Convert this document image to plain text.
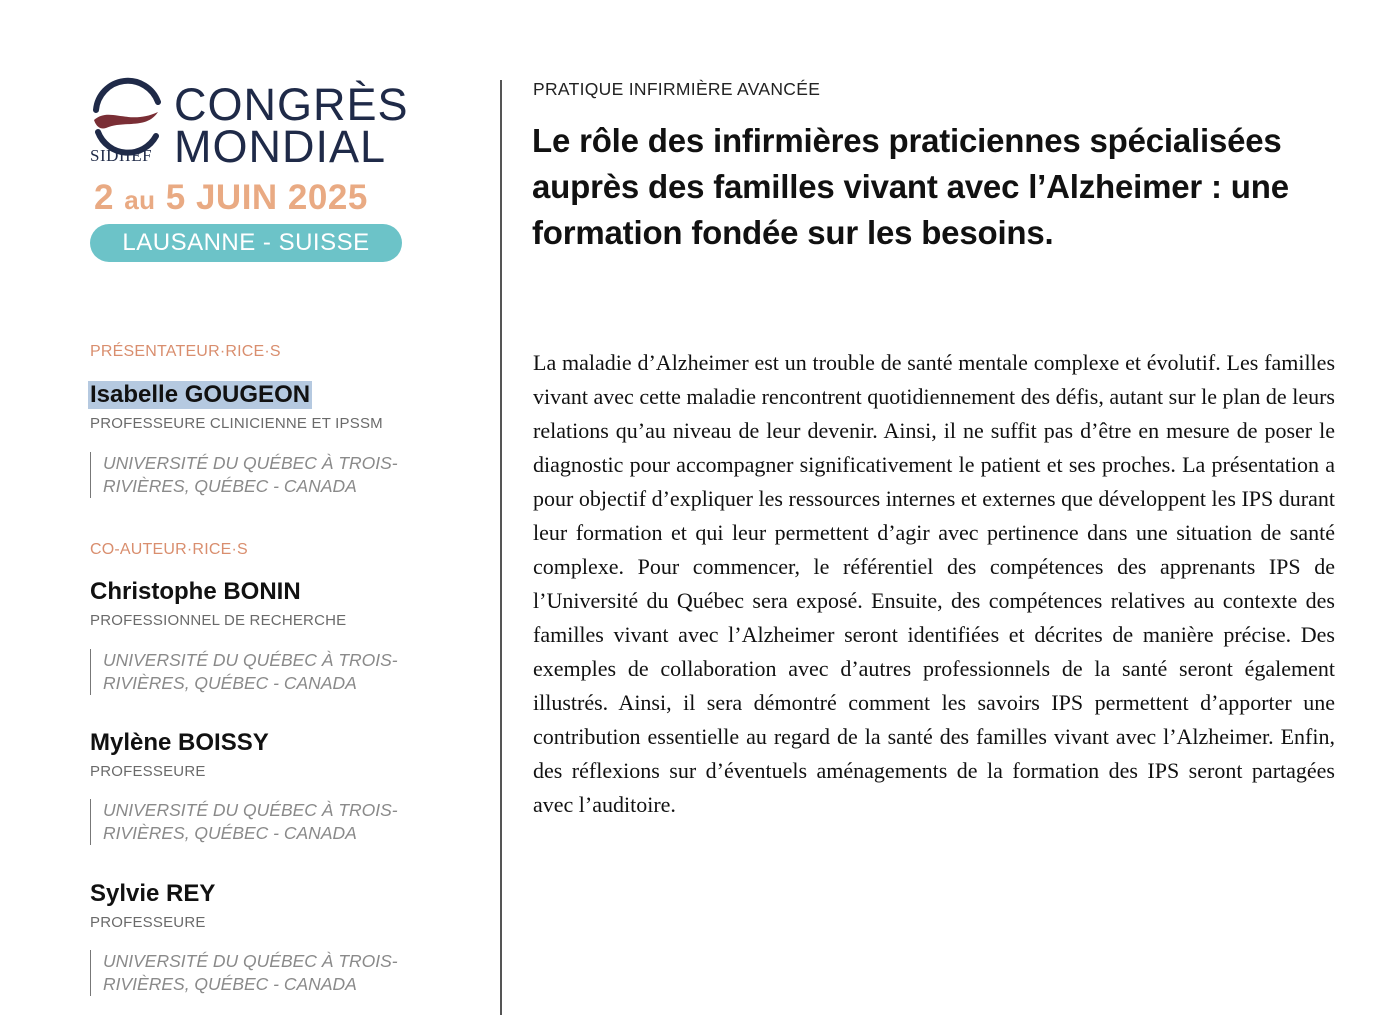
SIDIIEF
CONGRÈS
MONDIAL
2 au 5 JUIN 2025
LAUSANNE - SUISSE
PRÉSENTATEUR·RICE·S
Isabelle GOUGEON
PROFESSEURE CLINICIENNE ET IPSSM
UNIVERSITÉ DU QUÉBEC À TROIS-RIVIÈRES, QUÉBEC - CANADA
CO-AUTEUR·RICE·S
Christophe BONIN
PROFESSIONNEL DE RECHERCHE
UNIVERSITÉ DU QUÉBEC À TROIS-RIVIÈRES, QUÉBEC - CANADA
Mylène BOISSY
PROFESSEURE
UNIVERSITÉ DU QUÉBEC À TROIS-RIVIÈRES, QUÉBEC - CANADA
Sylvie REY
PROFESSEURE
UNIVERSITÉ DU QUÉBEC À TROIS-RIVIÈRES, QUÉBEC - CANADA
PRATIQUE INFIRMIÈRE AVANCÉE
Le rôle des infirmières praticiennes spécialisées auprès des familles vivant avec l’Alzheimer : une formation fondée sur les besoins.

La maladie d’Alzheimer est un trouble de santé mentale complexe et évolutif. Les familles vivant avec cette maladie rencontrent quotidiennement des défis, autant sur le plan de leurs relations qu’au niveau de leur devenir. Ainsi, il ne suffit pas d’être en mesure de poser le diagnostic pour accompagner significativement le patient et ses proches. La présentation a pour objectif d’expliquer les ressources internes et externes que développent les IPS durant leur formation et qui leur permettent d’agir avec pertinence dans une situation de santé complexe. Pour commencer, le référentiel des compétences des apprenants IPS de l’Université du Québec sera exposé. Ensuite, des compétences relatives au contexte des familles vivant avec l’Alzheimer seront identifiées et décrites de manière précise. Des exemples de collaboration avec d’autres professionnels de la santé seront également illustrés. Ainsi, il sera démontré comment les savoirs IPS permettent d’apporter une contribution essentielle au regard de la santé des familles vivant avec l’Alzheimer. Enfin, des réflexions sur d’éventuels aménagements de la formation des IPS seront partagées avec l’auditoire.
